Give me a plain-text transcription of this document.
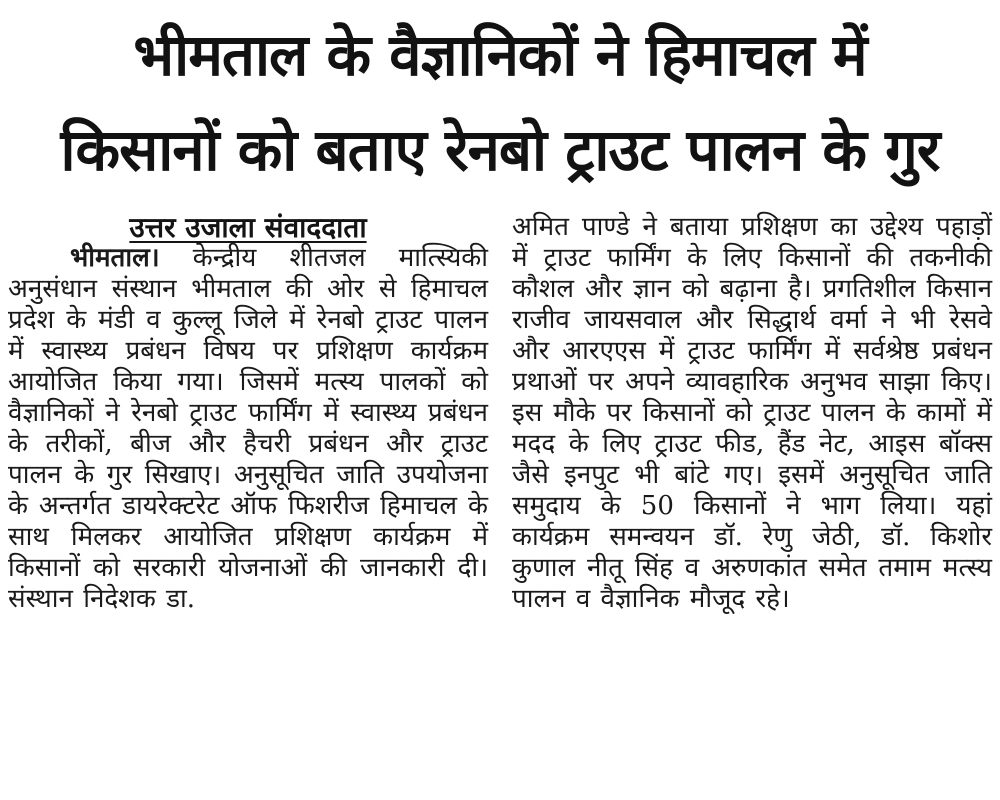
भीमताल के वैज्ञानिकों ने हिमाचल में
किसानों को बताए रेनबो ट्राउट पालन के गुर
उत्तर उजाला संवाददाता

भीमताल। केन्द्रीय शीतजल मात्स्यिकी अनुसंधान संस्थान भीमताल की ओर से हिमाचल प्रदेश के मंडी व कुल्लू जिले में रेनबो ट्राउट पालन में स्वास्थ्य प्रबंधन विषय पर प्रशिक्षण कार्यक्रम आयोजित किया गया। जिसमें मत्स्य पालकों को वैज्ञानिकों ने रेनबो ट्राउट फार्मिंग में स्वास्थ्य प्रबंधन के तरीकों, बीज और हैचरी प्रबंधन और ट्राउट पालन के गुर सिखाए। अनुसूचित जाति उपयोजना के अन्तर्गत डायरेक्टरेट ऑफ फिशरीज हिमाचल के साथ मिलकर आयोजित प्रशिक्षण कार्यक्रम में किसानों को सरकारी योजनाओं की जानकारी दी। संस्थान निदेशक डा.

अमित पाण्डे ने बताया प्रशिक्षण का उद्देश्य पहाड़ों में ट्राउट फार्मिंग के लिए किसानों की तकनीकी कौशल और ज्ञान को बढ़ाना है। प्रगतिशील किसान राजीव जायसवाल और सिद्धार्थ वर्मा ने भी रेसवे और आरएएस में ट्राउट फार्मिंग में सर्वश्रेष्ठ प्रबंधन प्रथाओं पर अपने व्यावहारिक अनुभव साझा किए। इस मौके पर किसानों को ट्राउट पालन के कामों में मदद के लिए ट्राउट फीड, हैंड नेट, आइस बॉक्स जैसे इनपुट भी बांटे गए। इसमें अनुसूचित जाति समुदाय के 50 किसानों ने भाग लिया। यहां कार्यक्रम समन्वयन डॉ. रेणु जेठी, डॉ. किशोर कुणाल नीतू सिंह व अरुणकांत समेत तमाम मत्स्य पालन व वैज्ञानिक मौजूद रहे।
